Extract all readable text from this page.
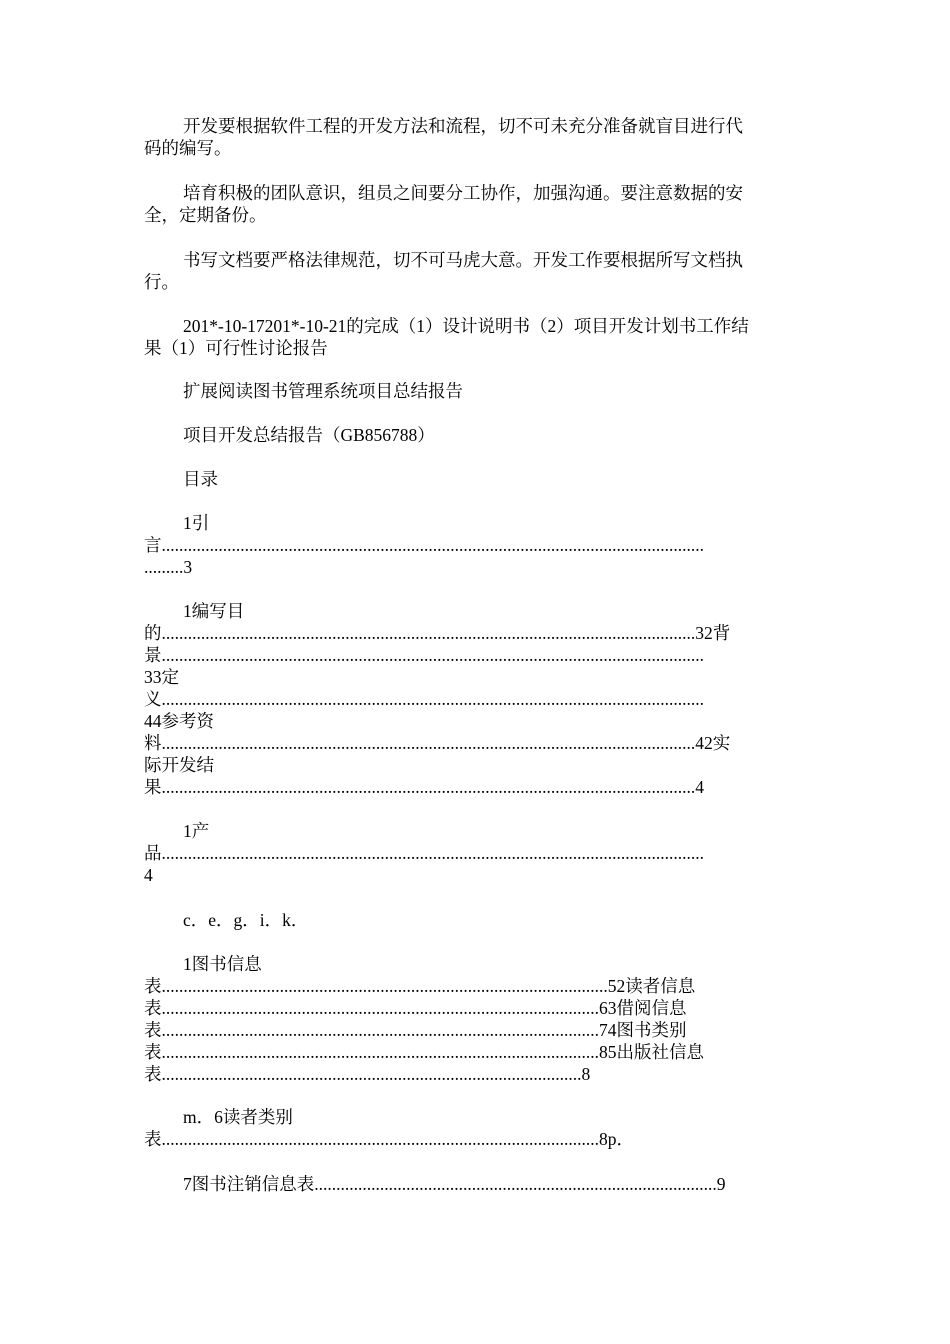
开发要根据软件工程的开发方法和流程，切不可未充分准备就盲目进行代
码的编写。
培育积极的团队意识，组员之间要分工协作，加强沟通。要注意数据的安
全，定期备份。
书写文档要严格法律规范，切不可马虎大意。开发工作要根据所写文档执
行。
201*-10-17201*-10-21的完成（1）设计说明书（2）项目开发计划书工作结
果（1）可行性讨论报告
扩展阅读图书管理系统项目总结报告
项目开发总结报告（GB856788）
目录
1引
言............................................................................................................................
.........3
1编写目
的..........................................................................................................................32背
景............................................................................................................................
33定
义............................................................................................................................
44参考资
料..........................................................................................................................42实
际开发结
果..........................................................................................................................4
1产
品............................................................................................................................
4
c．e．g．i．k．
1图书信息
表......................................................................................................52读者信息
表....................................................................................................63借阅信息
表....................................................................................................74图书类别
表....................................................................................................85出版社信息
表................................................................................................8
m．6读者类别
表....................................................................................................8p．
7图书注销信息表............................................................................................9
